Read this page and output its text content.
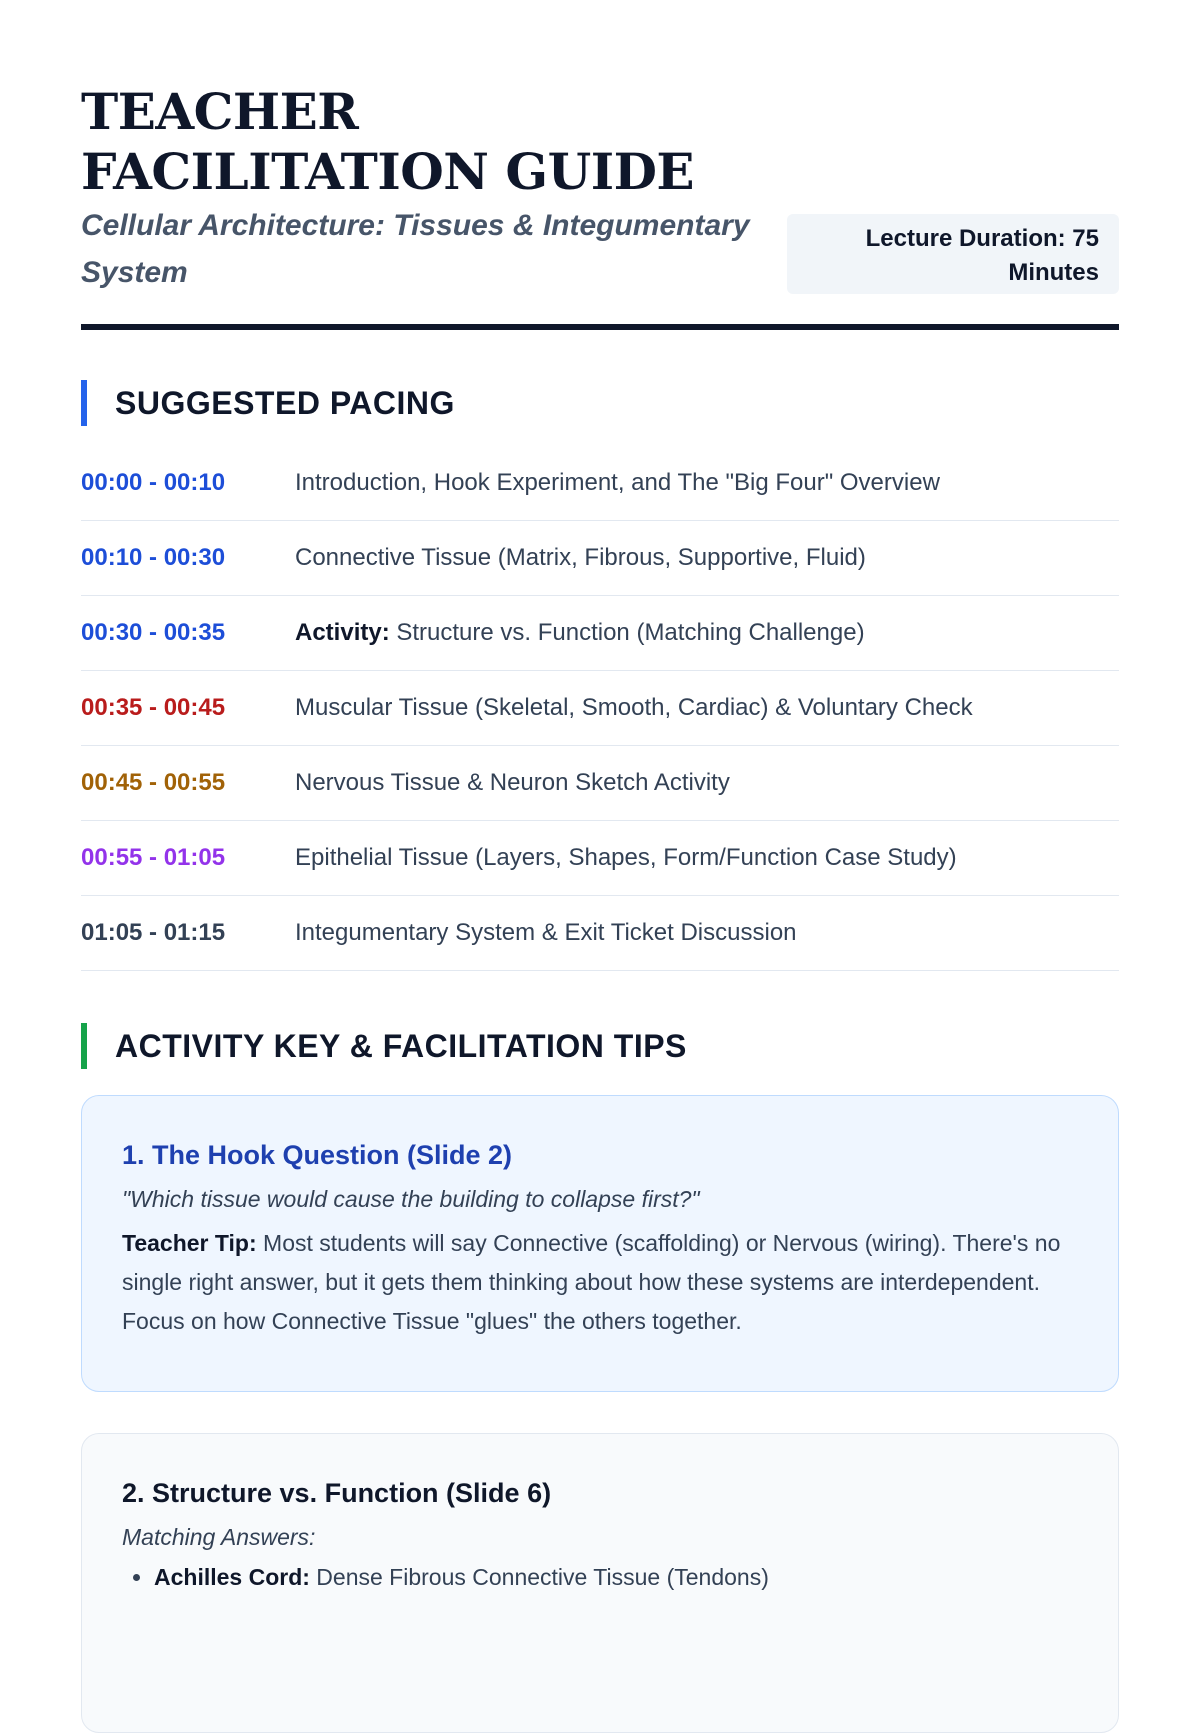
TEACHER FACILITATION GUIDE
Cellular Architecture: Tissues & Integumentary System
Lecture Duration: 75 Minutes
SUGGESTED PACING
00:00 - 00:10	Introduction, Hook Experiment, and The "Big Four" Overview
00:10 - 00:30	Connective Tissue (Matrix, Fibrous, Supportive, Fluid)
00:30 - 00:35	Activity: Structure vs. Function (Matching Challenge)
00:35 - 00:45	Muscular Tissue (Skeletal, Smooth, Cardiac) & Voluntary Check
00:45 - 00:55	Nervous Tissue & Neuron Sketch Activity
00:55 - 01:05	Epithelial Tissue (Layers, Shapes, Form/Function Case Study)
01:05 - 01:15	Integumentary System & Exit Ticket Discussion
ACTIVITY KEY & FACILITATION TIPS
1. The Hook Question (Slide 2)
"Which tissue would cause the building to collapse first?"
Teacher Tip: Most students will say Connective (scaffolding) or Nervous (wiring). There's no single right answer, but it gets them thinking about how these systems are interdependent. Focus on how Connective Tissue "glues" the others together.
2. Structure vs. Function (Slide 6)
Matching Answers:
• Achilles Cord: Dense Fibrous Connective Tissue (Tendons)
